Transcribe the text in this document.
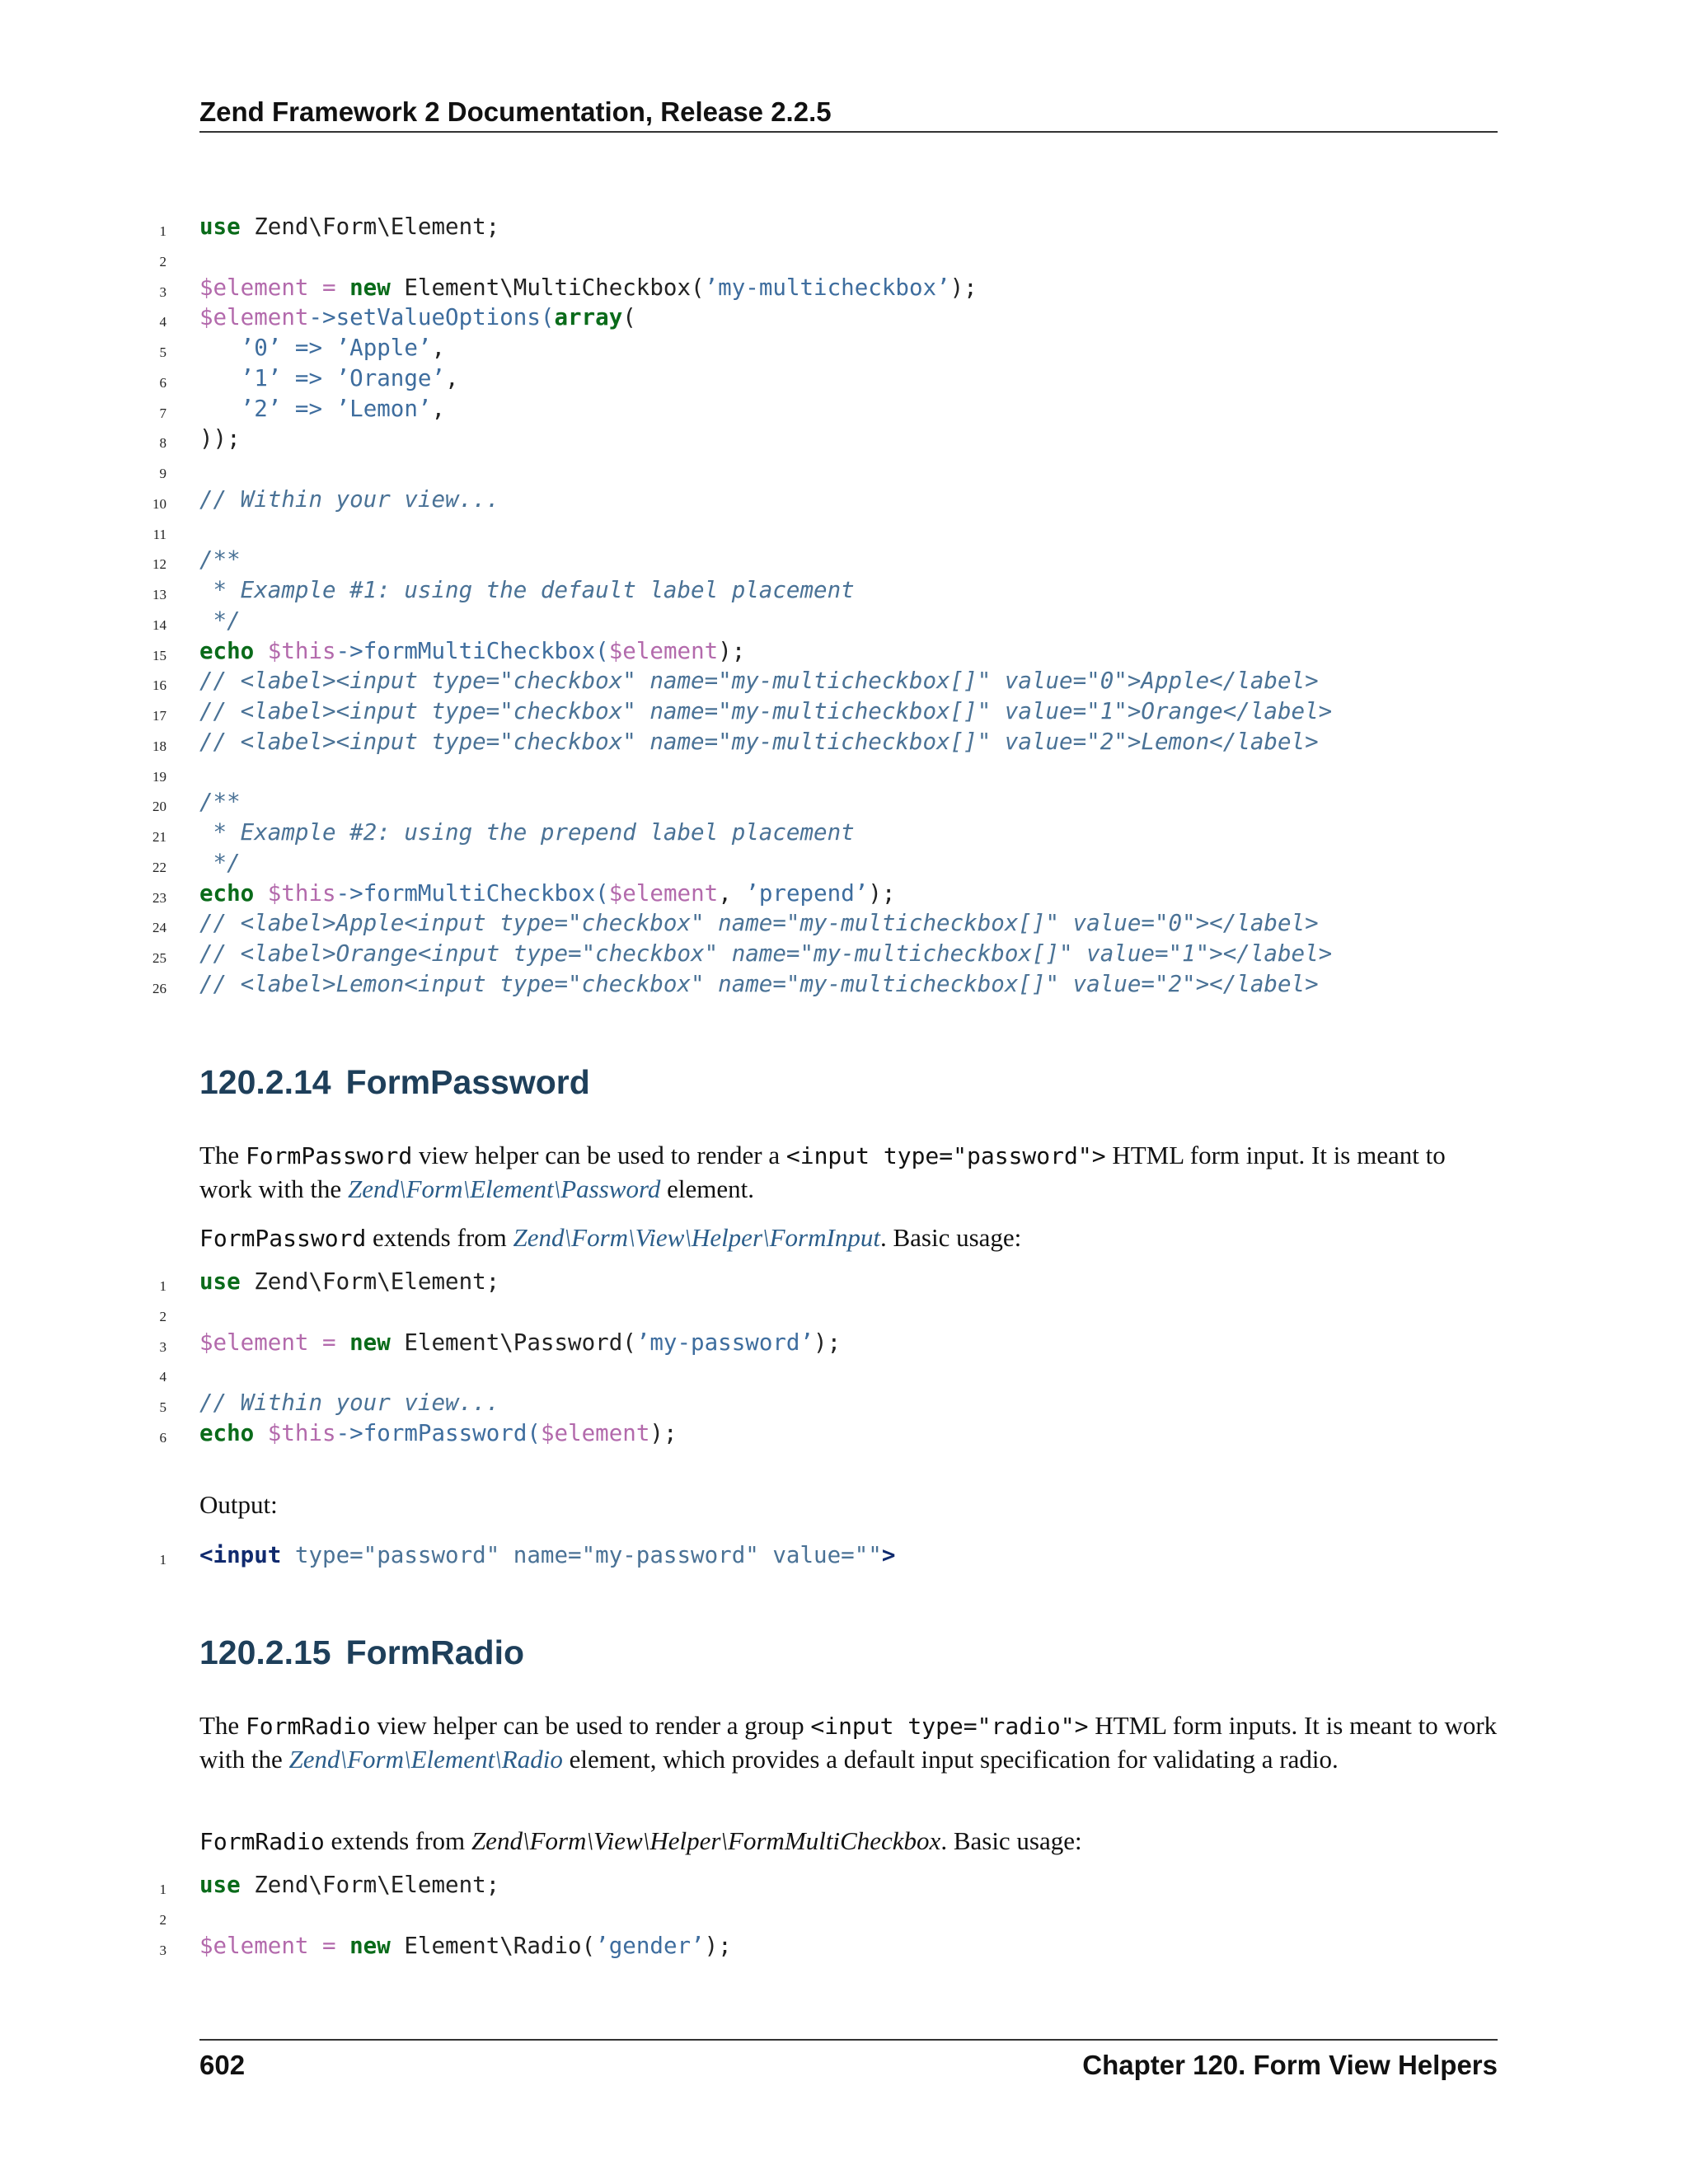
Zend Framework 2 Documentation, Release 2.2.5
1 use Zend\Form\Element;
2
3 $element = new Element\MultiCheckbox(’my-multicheckbox’);
4 $element->setValueOptions(array(
5	’0’ => ’Apple’,
6	’1’ => ’Orange’,
7	’2’ => ’Lemon’,
8 ));
9
10 // Within your view...
11
12 /**
13 * Example #1: using the default label placement
14 */
15 echo $this->formMultiCheckbox($element);
16 // <label><input type="checkbox" name="my-multicheckbox[]" value="0">Apple</label>
17 // <label><input type="checkbox" name="my-multicheckbox[]" value="1">Orange</label>
18 // <label><input type="checkbox" name="my-multicheckbox[]" value="2">Lemon</label>
19
20 /**
21 * Example #2: using the prepend label placement
22 */
23 echo $this->formMultiCheckbox($element, ’prepend’);
24 // <label>Apple<input type="checkbox" name="my-multicheckbox[]" value="0"></label>
25 // <label>Orange<input type="checkbox" name="my-multicheckbox[]" value="1"></label>
26 // <label>Lemon<input type="checkbox" name="my-multicheckbox[]" value="2"></label>
120.2.14 FormPassword

The FormPassword view helper can be used to render a <input type="password"> HTML form input. It is meant to work with the Zend\Form\Element\Password element.

FormPassword extends from Zend\Form\View\Helper\FormInput. Basic usage:

1 use Zend\Form\Element;
2
3 $element = new Element\Password(’my-password’);
4
5 // Within your view...
6 echo $this->formPassword($element);

Output:

1 <input type="password" name="my-password" value="">
120.2.15 FormRadio

The FormRadio view helper can be used to render a group <input type="radio"> HTML form inputs. It is meant to work with the Zend\Form\Element\Radio element, which provides a default input specification for validating a radio.

FormRadio extends from Zend\Form\View\Helper\FormMultiCheckbox. Basic usage:

1 use Zend\Form\Element;
2
3 $element = new Element\Radio(’gender’);
602	Chapter 120. Form View Helpers
